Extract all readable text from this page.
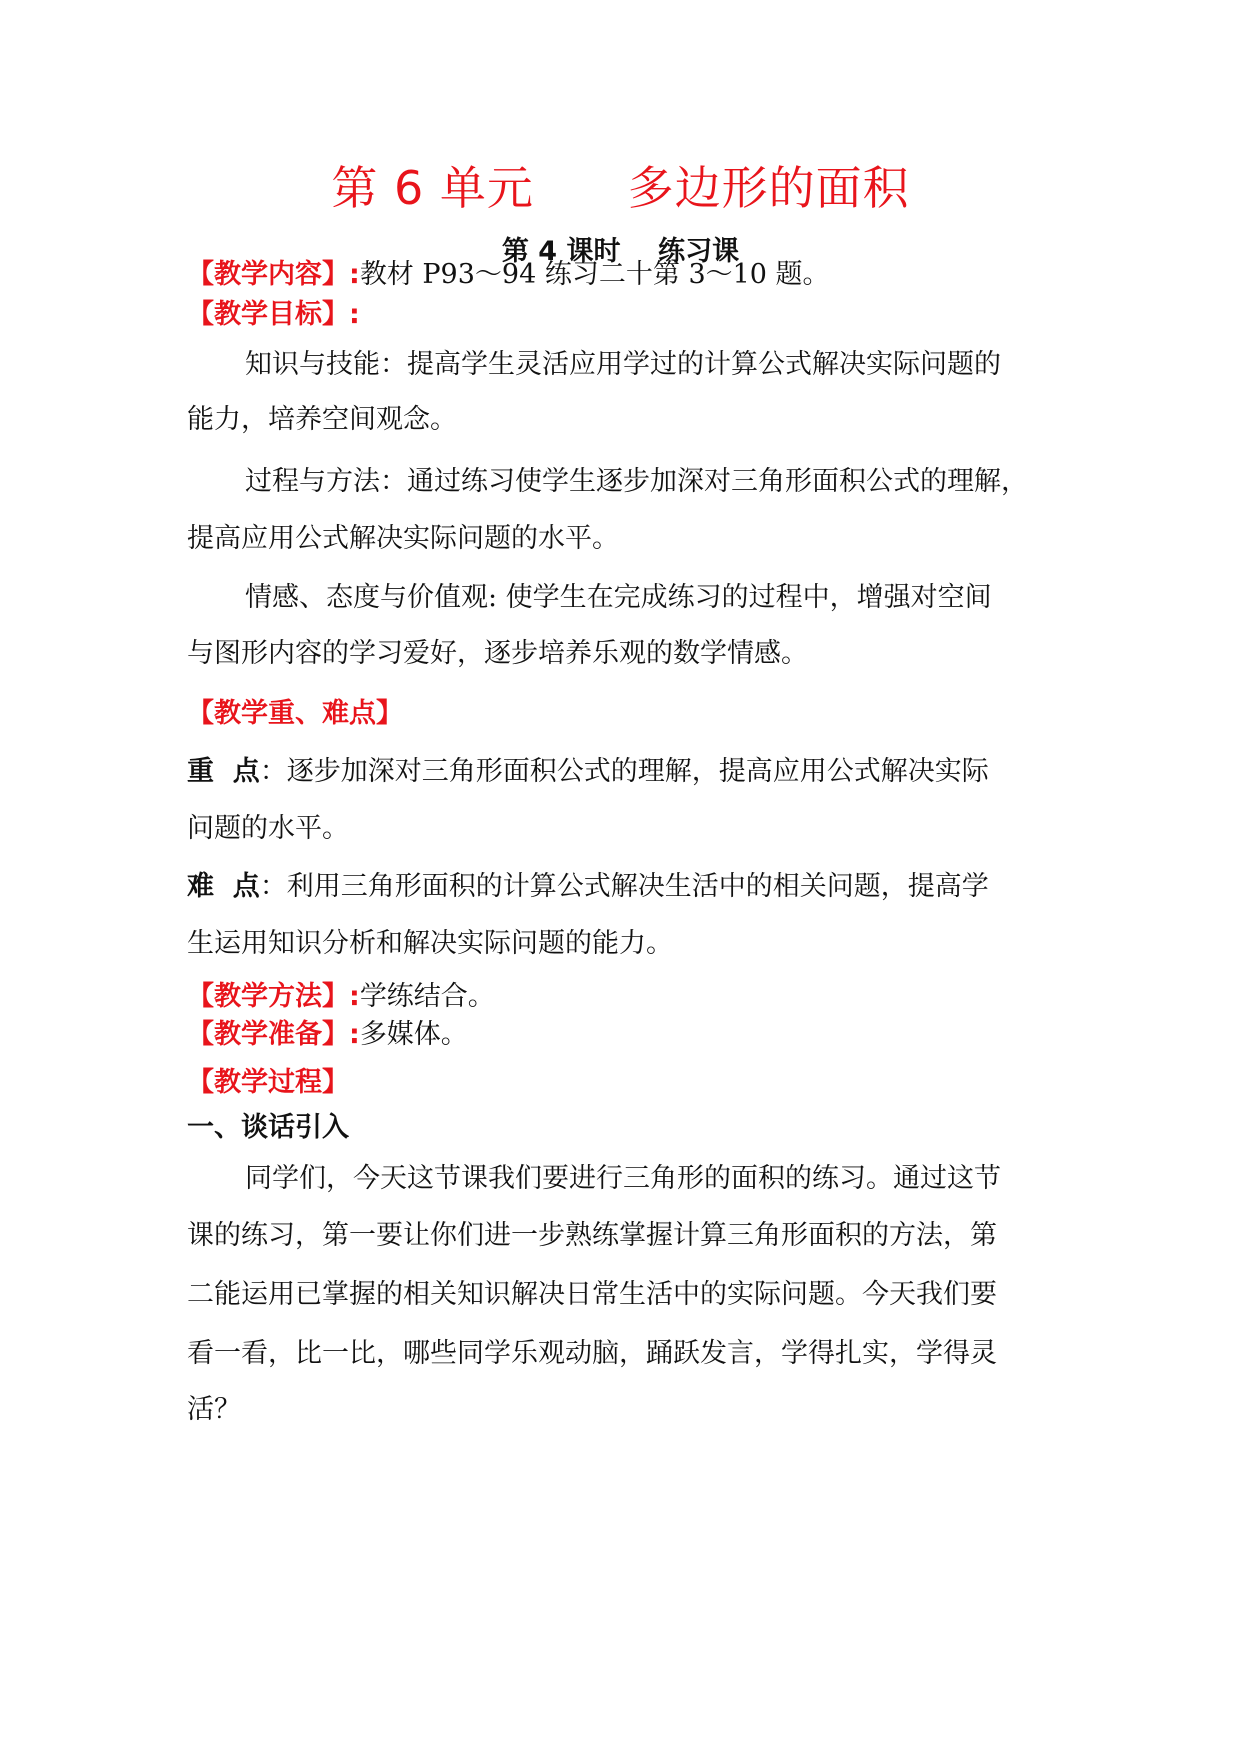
第 6 单元      多边形的面积
第 4 课时    练习课
【教学内容】:教材 P93～94 练习二十第 3～10 题。
【教学目标】:
知识与技能：提高学生灵活应用学过的计算公式解决实际问题的
能力，培养空间观念。
过程与方法：通过练习使学生逐步加深对三角形面积公式的理解，
提高应用公式解决实际问题的水平。
情感、态度与价值观: 使学生在完成练习的过程中，增强对空间
与图形内容的学习爱好，逐步培养乐观的数学情感。
【教学重、难点】
重  点：逐步加深对三角形面积公式的理解，提高应用公式解决实际
问题的水平。
难  点：利用三角形面积的计算公式解决生活中的相关问题，提高学
生运用知识分析和解决实际问题的能力。
【教学方法】:学练结合。
【教学准备】:多媒体。
【教学过程】
一、谈话引入
同学们，今天这节课我们要进行三角形的面积的练习。通过这节
课的练习，第一要让你们进一步熟练掌握计算三角形面积的方法，第
二能运用已掌握的相关知识解决日常生活中的实际问题。今天我们要
看一看，比一比，哪些同学乐观动脑，踊跃发言，学得扎实，学得灵
活？
